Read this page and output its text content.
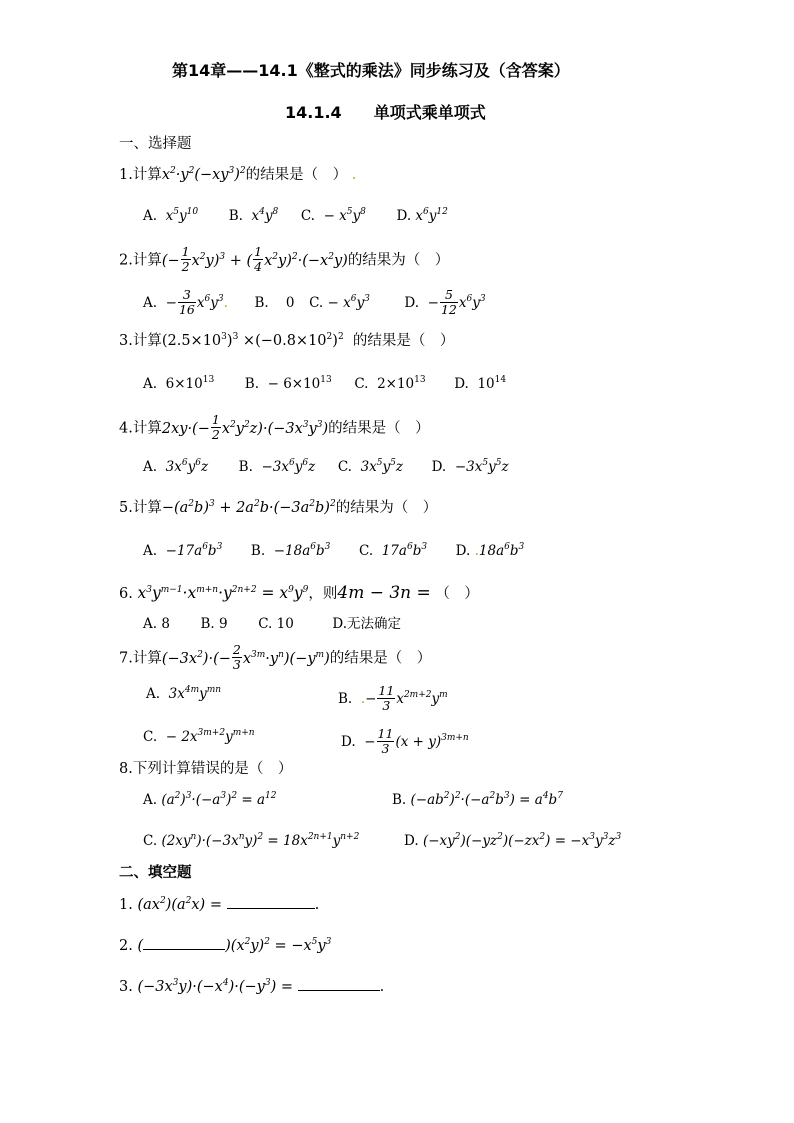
第14章——14.1《整式的乘法》同步练习及（含答案）
14.1.4　　单项式乘单项式
一、选择题
1.计算$x^2\cdot y^2(-xy^3)^2$的结果是（　） .
A. $x^5y^{10}$ B. $x^4y^8$ C. − $x^5y^8$ D. $x^6y^{12}$
2.计算(− $\frac{1}{2} x^2y)^3$ + ( $\frac{1}{4} x^2y)^2\cdot(-x^2y)$的结果为（　）
A. − $\frac{3}{16} x^6y^3$. B. 0 C. − $x^6y^3$	D. − $\frac{5}{12} x^6y^3$
3.计算$(2.5\times 10^3)^3 \times(-0.8\times 10^2)^2$ 的结果是（　）
A. $6\times 10^{13}$ B. − $6\times 10^{13}$ C. $2\times 10^{13}$ D. $10^{14}$
4.计算$2xy\cdot(- \frac{1}{2} x^2y^2z)\cdot(-3x^3y^3)$的结果是（　）
A. $3x^6y^6z$ B. $-3x^6y^6z$ C. $3x^5y^5z$ D. $-3x^5y^5z$
5.计算$-(a^2b)^3 + 2a^2b\cdot(-3a^2b)^2$的结果为（　）
A. $-17a^6b^3$ B. $-18a^6b^3$ C. $17a^6b^3$ D. $.18a^6b^3$
6. $x^3y^{m-1}\cdot x^{m+n}\cdot y^{2n+2} = x^9y^9$，则4m − 3n = （　）
A. 8 B. 9 C. 10	D.无法确定
7.计算$(-3x^2)\cdot(- \frac{2}{3} x^{3m}\cdot y^n)(-y^m)$的结果是（　）
A. $3x^{4m}y^{mn}$
B. .− $\frac{11}{3} x^{2m+2}y^m$
C. − $2x^{3m+2}y^{m+n}$
D. − $\frac{11}{3} (x + y)^{3m+n}$
8.下列计算错误的是（　）
A. $(a^2)^3\cdot(-a^3)^2 = a^{12}$	B. $(-ab^2)^2\cdot(-a^2b^3) = a^4b^7$
C. $(2xy^n)\cdot(-3x^ny)^2 = 18x^{2n+1}y^{n+2}$	D. $(-xy^2)(-yz^2)(-zx^2) = -x^3y^3z^3$
二、填空题
1. $(ax^2)(a^2x)$ =	.
2. (	)$(x^2y)^2 = -x^5y^3$
3. $(-3x^3y)\cdot(-x^4)\cdot(-y^3)$ =	.
